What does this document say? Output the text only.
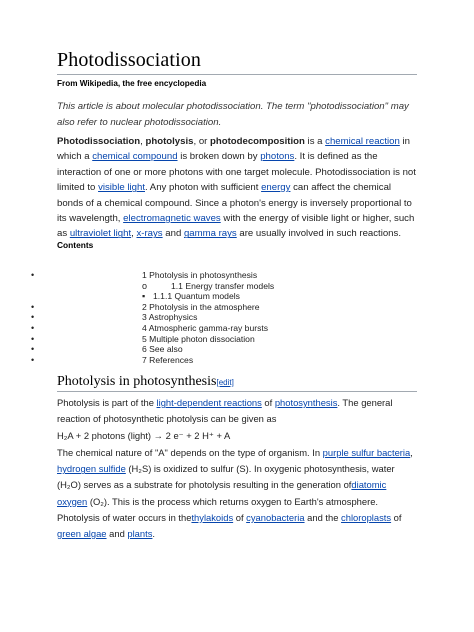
Photodissociation
From Wikipedia, the free encyclopedia
This article is about molecular photodissociation. The term "photodissociation" may also refer to nuclear photodissociation.
Photodissociation, photolysis, or photodecomposition is a chemical reaction in which a chemical compound is broken down by photons. It is defined as the interaction of one or more photons with one target molecule. Photodissociation is not limited to visible light. Any photon with sufficient energy can affect the chemical bonds of a chemical compound. Since a photon's energy is inversely proportional to its wavelength, electromagnetic waves with the energy of visible light or higher, such as ultraviolet light, x-rays and gamma rays are usually involved in such reactions.
Contents
•	1 Photolysis in photosynthesis
o	1.1 Energy transfer models
▪ 1.1.1 Quantum models
•	2 Photolysis in the atmosphere
•	3 Astrophysics
•	4 Atmospheric gamma-ray bursts
•	5 Multiple photon dissociation
•	6 See also
•	7 References
Photolysis in photosynthesis[edit]
Photolysis is part of the light-dependent reactions of photosynthesis. The general reaction of photosynthetic photolysis can be given as
H₂A + 2 photons (light) → 2 e⁻ + 2 H⁺ + A
The chemical nature of "A" depends on the type of organism. In purple sulfur bacteria, hydrogen sulfide (H₂S) is oxidized to sulfur (S). In oxygenic photosynthesis, water (H₂O) serves as a substrate for photolysis resulting in the generation ofdiatomic oxygen (O₂). This is the process which returns oxygen to Earth's atmosphere. Photolysis of water occurs in thethylakoids of cyanobacteria and the chloroplasts of green algae and plants.
